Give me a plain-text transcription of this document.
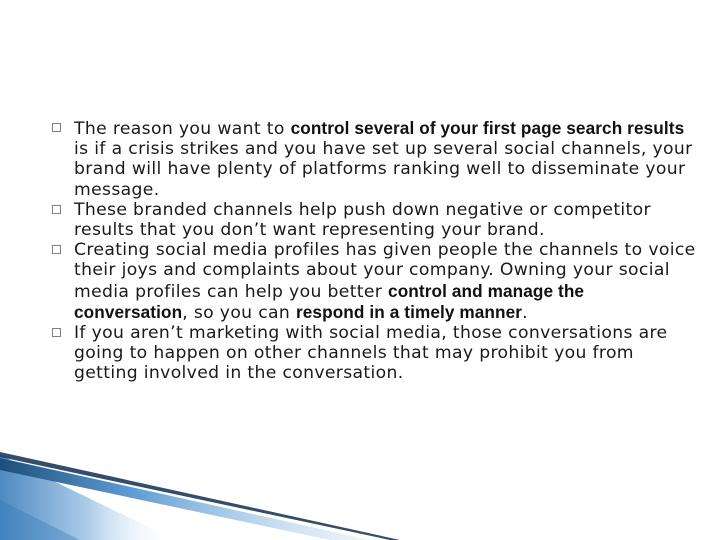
The reason you want to control several of your first page search results is if a crisis strikes and you have set up several social channels, your brand will have plenty of platforms ranking well to disseminate your message.
These branded channels help push down negative or competitor results that you don’t want representing your brand.
Creating social media profiles has given people the channels to voice their joys and complaints about your company. Owning your social media profiles can help you better control and manage the conversation, so you can respond in a timely manner.
If you aren’t marketing with social media, those conversations are going to happen on other channels that may prohibit you from getting involved in the conversation.
